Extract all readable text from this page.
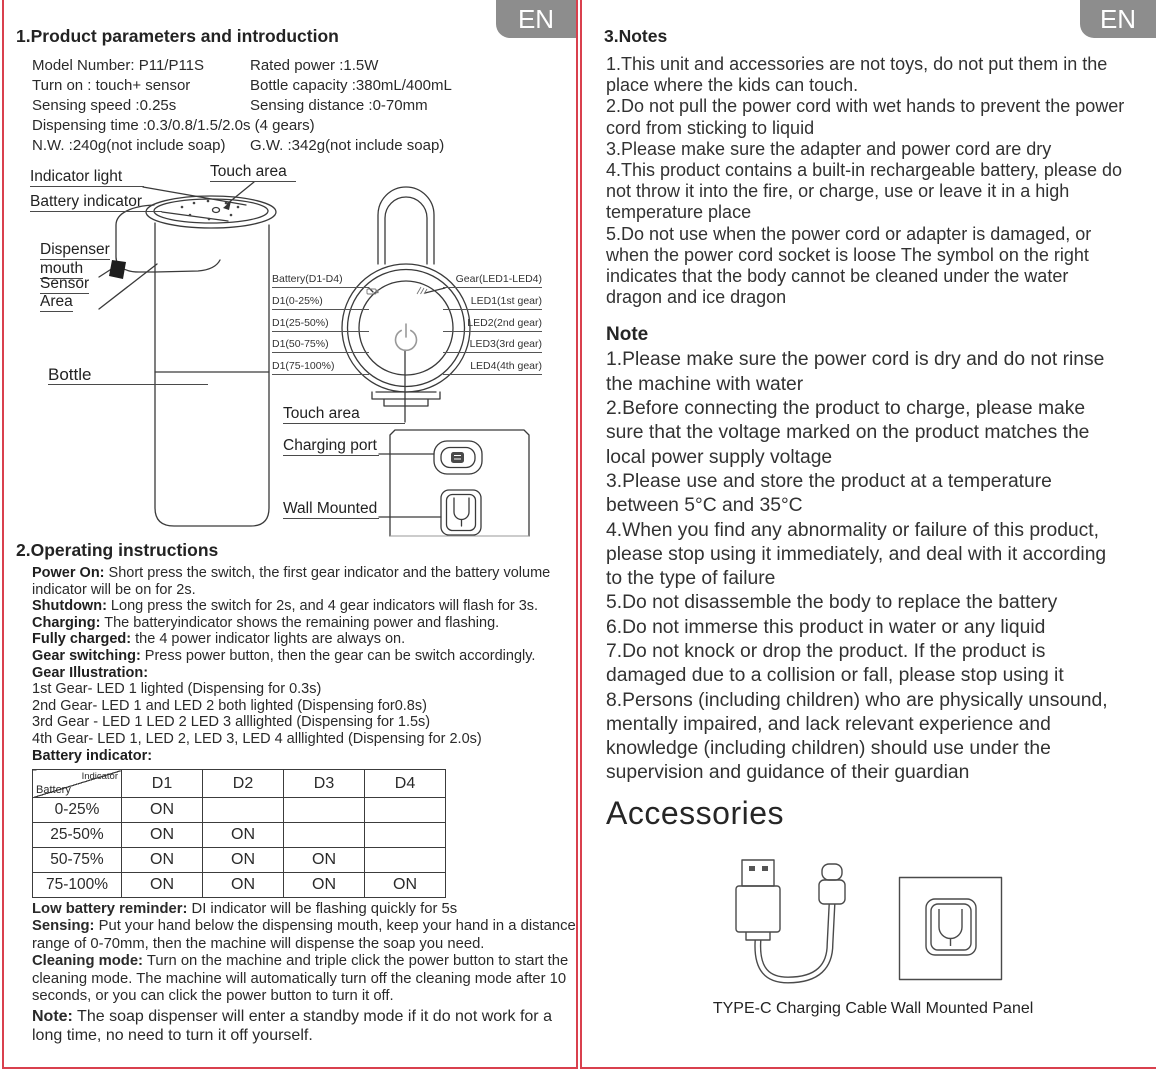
EN
1.Product parameters and introduction
Model Number: P11/P11S	Rated power :1.5W
Turn on : touch+ sensor	Bottle capacity :380mL/400mL
Sensing speed :0.25s	Sensing distance :0-70mm
Dispensing time :0.3/0.8/1.5/2.0s (4 gears)
N.W. :240g(not include soap)	G.W. :342g(not include soap)
Indicator light
Battery indicator
Touch area
Dispenser
mouth
Sensor
Area
Bottle
Battery(D1-D4)
D1(0-25%)
D1(25-50%)
D1(50-75%)
D1(75-100%)
Gear(LED1-LED4)
LED1(1st gear)
LED2(2nd gear)
LED3(3rd gear)
LED4(4th gear)
Touch area
Charging port
Wall Mounted
2.Operating instructions

Power On: Short press the switch, the first gear indicator and the battery volume indicator will be on for 2s.

Shutdown: Long press the switch for 2s, and 4 gear indicators will flash for 3s.

Charging: The batteryindicator shows the remaining power and flashing.

Fully charged: the 4 power indicator lights are always on.

Gear switching: Press power button, then the gear can be switch accordingly.

Gear Illustration:

1st Gear- LED 1 lighted (Dispensing for 0.3s)

2nd Gear- LED 1 and LED 2 both lighted (Dispensing for0.8s)

3rd Gear - LED 1 LED 2 LED 3 alllighted (Dispensing for 1.5s)

4th Gear- LED 1, LED 2, LED 3, LED 4 alllighted (Dispensing for 2.0s)

Battery indicator:

Indicator
Battery	D1	D2	D3	D4
0-25%	ON			
25-50%	ON	ON		
50-75%	ON	ON	ON	
75-100%	ON	ON	ON	ON

Low battery reminder: DI indicator will be flashing quickly for 5s

Sensing: Put your hand below the dispensing mouth, keep your hand in a distance range of 0-70mm, then the machine will dispense the soap you need.

Cleaning mode: Turn on the machine and triple click the power button to start the cleaning mode. The machine will automatically turn off the cleaning mode after 10 seconds, or you can click the power button to turn it off.

Note: The soap dispenser will enter a standby mode if it do not work for a long time, no need to turn it off yourself.

EN
3.Notes

1.This unit and accessories are not toys, do not put them in the place where the kids can touch.

2.Do not pull the power cord with wet hands to prevent the power cord from sticking to liquid

3.Please make sure the adapter and power cord are dry

4.This product contains a built-in rechargeable battery, please do not throw it into the fire, or charge, use or leave it in a high temperature place

5.Do not use when the power cord or adapter is damaged, or when the power cord socket is loose The symbol on the right indicates that the body cannot be cleaned under the water dragon and ice dragon

Note

1.Please make sure the power cord is dry and do not rinse the machine with water

2.Before connecting the product to charge, please make sure that the voltage marked on the product matches the local power supply voltage

3.Please use and store the product at a temperature between 5°C and 35°C

4.When you find any abnormality or failure of this product, please stop using it immediately, and deal with it according to the type of failure

5.Do not disassemble the body to replace the battery

6.Do not immerse this product in water or any liquid

7.Do not knock or drop the product. If the product is damaged due to a collision or fall, please stop using it

8.Persons (including children) who are physically unsound, mentally impaired, and lack relevant experience and knowledge (including children) should use under the supervision and guidance of their guardian

Accessories
TYPE-C Charging Cable Wall Mounted Panel
